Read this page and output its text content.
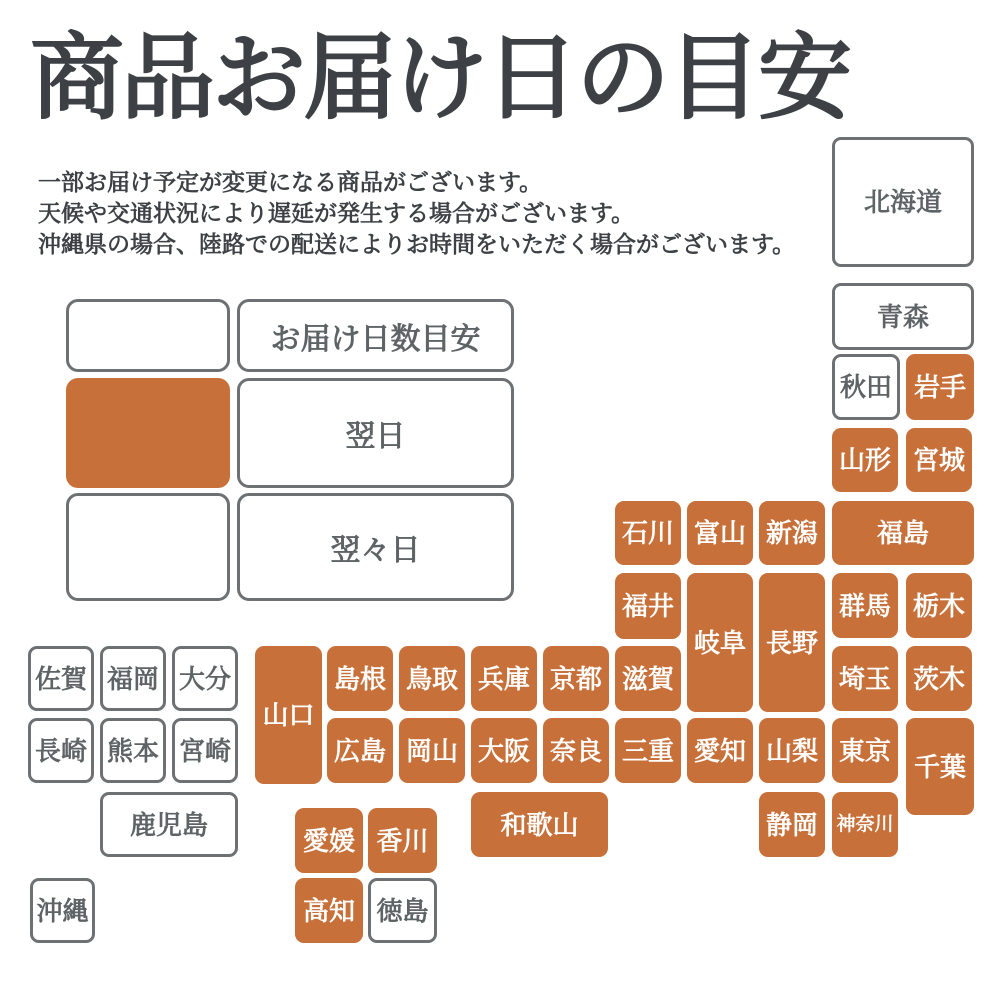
商品お届け日の目安

一部お届け予定が変更になる商品がございます。

天候や交通状況により遅延が発生する場合がございます。

沖縄県の場合、陸路での配送によりお時間をいただく場合がございます。

お届け日数目安
翌日
翌々日
北海道
青森
秋田 岩手
山形 宮城
石川 富山 新潟 福島
福井
岐阜 長野
群馬 栃木
佐賀 福岡 大分
山口
島根 鳥取 兵庫 京都 滋賀	埼玉 茨木
長崎 熊本 宮崎	広島 岡山 大阪 奈良 三重 愛知 山梨 東京
千葉
鹿児島	和歌山	静岡 神奈川
愛媛 香川
沖縄	高知 徳島
